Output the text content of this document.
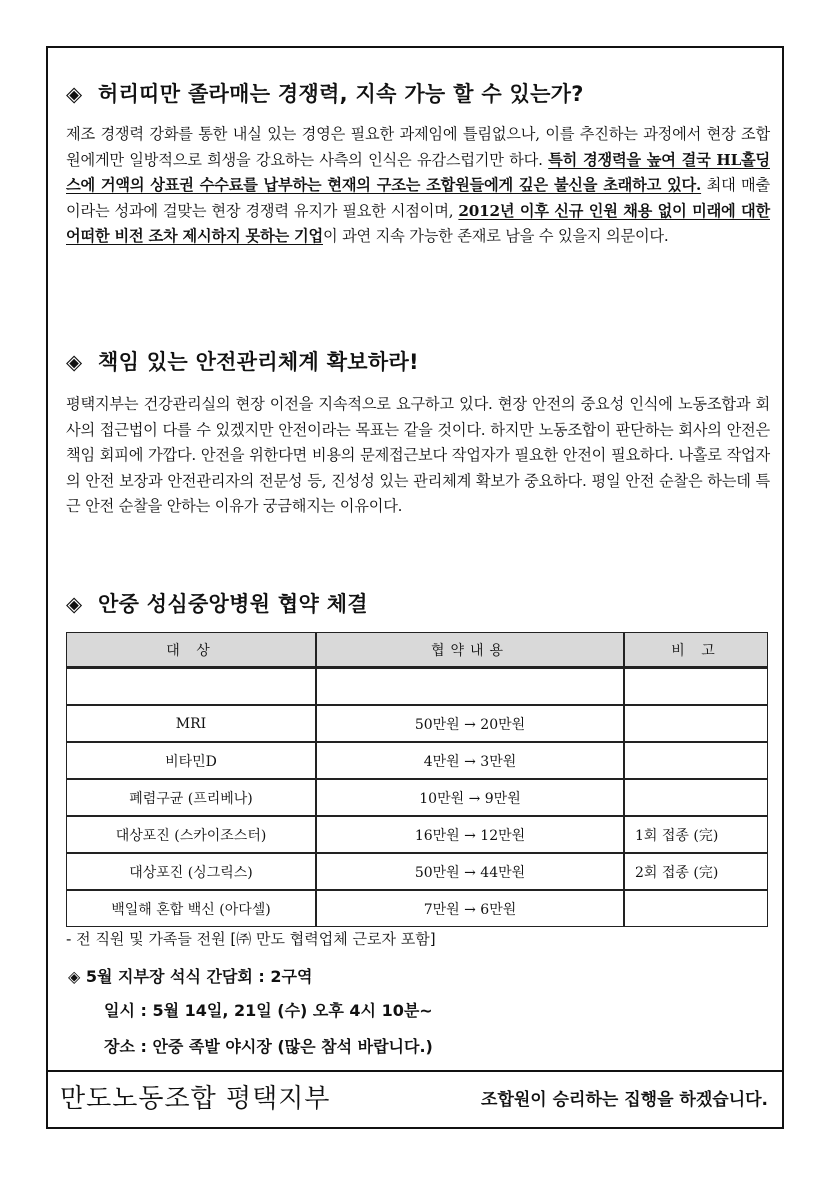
◈ 허리띠만 졸라매는 경쟁력, 지속 가능 할 수 있는가?
제조 경쟁력 강화를 통한 내실 있는 경영은 필요한 과제임에 틀림없으나, 이를 추진하는 과정에서 현장 조합원에게만 일방적으로 희생을 강요하는 사측의 인식은 유감스럽기만 하다. 특히 경쟁력을 높여 결국 HL홀딩스에 거액의 상표권 수수료를 납부하는 현재의 구조는 조합원들에게 깊은 불신을 초래하고 있다. 최대 매출이라는 성과에 걸맞는 현장 경쟁력 유지가 필요한 시점이며, 2012년 이후 신규 인원 채용 없이 미래에 대한 어떠한 비전 조차 제시하지 못하는 기업이 과연 지속 가능한 존재로 남을 수 있을지 의문이다.
◈ 책임 있는 안전관리체계 확보하라!
평택지부는 건강관리실의 현장 이전을 지속적으로 요구하고 있다. 현장 안전의 중요성 인식에 노동조합과 회사의 접근법이 다를 수 있겠지만 안전이라는 목표는 같을 것이다. 하지만 노동조합이 판단하는 회사의 안전은 책임 회피에 가깝다. 안전을 위한다면 비용의 문제접근보다 작업자가 필요한 안전이 필요하다. 나홀로 작업자의 안전 보장과 안전관리자의 전문성 등, 진성성 있는 관리체계 확보가 중요하다. 평일 안전 순찰은 하는데 특근 안전 순찰을 안하는 이유가 궁금해지는 이유이다.
◈ 안중 성심중앙병원 협약 체결
대 상	협약내용	비 고

MRI	50만원 → 20만원	
비타민D	4만원 → 3만원	
폐렴구균 (프리베나)	10만원 → 9만원	
대상포진 (스카이조스터)	16만원 → 12만원	1회 접종 (完)
대상포진 (싱그릭스)	50만원 → 44만원	2회 접종 (完)
백일해 혼합 백신 (아다셀)	7만원 → 6만원	
- 전 직원 및 가족들 전원 [㈜ 만도 협력업체 근로자 포함]
◈ 5월 지부장 석식 간담회 : 2구역
일시 : 5월 14일, 21일 (수) 오후 4시 10분~
장소 : 안중 족발 야시장 (많은 참석 바랍니다.)
만도노동조합 평택지부	조합원이 승리하는 집행을 하겠습니다.
